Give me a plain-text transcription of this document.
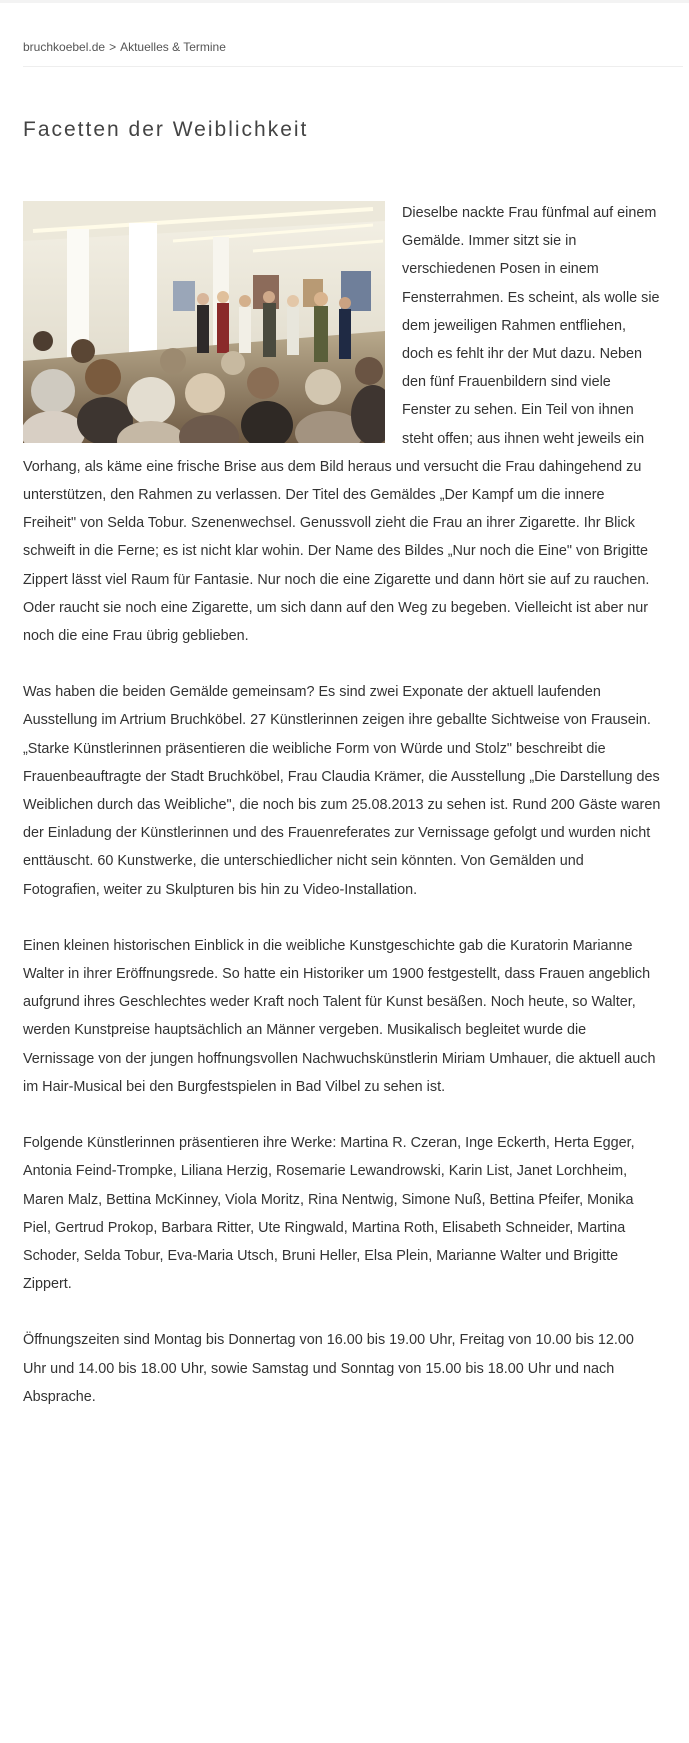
bruchkoebel.de > Aktuelles & Termine
Facetten der Weiblichkeit

Dieselbe nackte Frau fünfmal auf einem Gemälde. Immer sitzt sie in verschiedenen Posen in einem Fensterrahmen. Es scheint, als wolle sie dem jeweiligen Rahmen entfliehen, doch es fehlt ihr der Mut dazu. Neben den fünf Frauenbildern sind viele Fenster zu sehen. Ein Teil von ihnen steht offen; aus ihnen weht jeweils ein Vorhang, als käme eine frische Brise aus dem Bild heraus und versucht die Frau dahingehend zu unterstützen, den Rahmen zu verlassen. Der Titel des Gemäldes „Der Kampf um die innere Freiheit" von Selda Tobur. Szenenwechsel. Genussvoll zieht die Frau an ihrer Zigarette. Ihr Blick schweift in die Ferne; es ist nicht klar wohin. Der Name des Bildes „Nur noch die Eine" von Brigitte Zippert lässt viel Raum für Fantasie. Nur noch die eine Zigarette und dann hört sie auf zu rauchen. Oder raucht sie noch eine Zigarette, um sich dann auf den Weg zu begeben. Vielleicht ist aber nur noch die eine Frau übrig geblieben.

Was haben die beiden Gemälde gemeinsam? Es sind zwei Exponate der aktuell laufenden Ausstellung im Artrium Bruchköbel. 27 Künstlerinnen zeigen ihre geballte Sichtweise von Frausein. „Starke Künstlerinnen präsentieren die weibliche Form von Würde und Stolz" beschreibt die Frauenbeauftragte der Stadt Bruchköbel, Frau Claudia Krämer, die Ausstellung „Die Darstellung des Weiblichen durch das Weibliche", die noch bis zum 25.08.2013 zu sehen ist. Rund 200 Gäste waren der Einladung der Künstlerinnen und des Frauenreferates zur Vernissage gefolgt und wurden nicht enttäuscht. 60 Kunstwerke, die unterschiedlicher nicht sein könnten. Von Gemälden und Fotografien, weiter zu Skulpturen bis hin zu Video-Installation.

Einen kleinen historischen Einblick in die weibliche Kunstgeschichte gab die Kuratorin Marianne Walter in ihrer Eröffnungsrede. So hatte ein Historiker um 1900 festgestellt, dass Frauen angeblich aufgrund ihres Geschlechtes weder Kraft noch Talent für Kunst besäßen. Noch heute, so Walter, werden Kunstpreise hauptsächlich an Männer vergeben. Musikalisch begleitet wurde die Vernissage von der jungen hoffnungsvollen Nachwuchskünstlerin Miriam Umhauer, die aktuell auch im Hair-Musical bei den Burgfestspielen in Bad Vilbel zu sehen ist.

Folgende Künstlerinnen präsentieren ihre Werke: Martina R. Czeran, Inge Eckerth, Herta Egger, Antonia Feind-Trompke, Liliana Herzig, Rosemarie Lewandrowski, Karin List, Janet Lorchheim, Maren Malz, Bettina McKinney, Viola Moritz, Rina Nentwig, Simone Nuß, Bettina Pfeifer, Monika Piel, Gertrud Prokop, Barbara Ritter, Ute Ringwald, Martina Roth, Elisabeth Schneider, Martina Schoder, Selda Tobur, Eva-Maria Utsch, Bruni Heller, Elsa Plein, Marianne Walter und Brigitte Zippert.

Öffnungszeiten sind Montag bis Donnertag von 16.00 bis 19.00 Uhr, Freitag von 10.00 bis 12.00 Uhr und 14.00 bis 18.00 Uhr, sowie Samstag und Sonntag von 15.00 bis 18.00 Uhr und nach Absprache.
